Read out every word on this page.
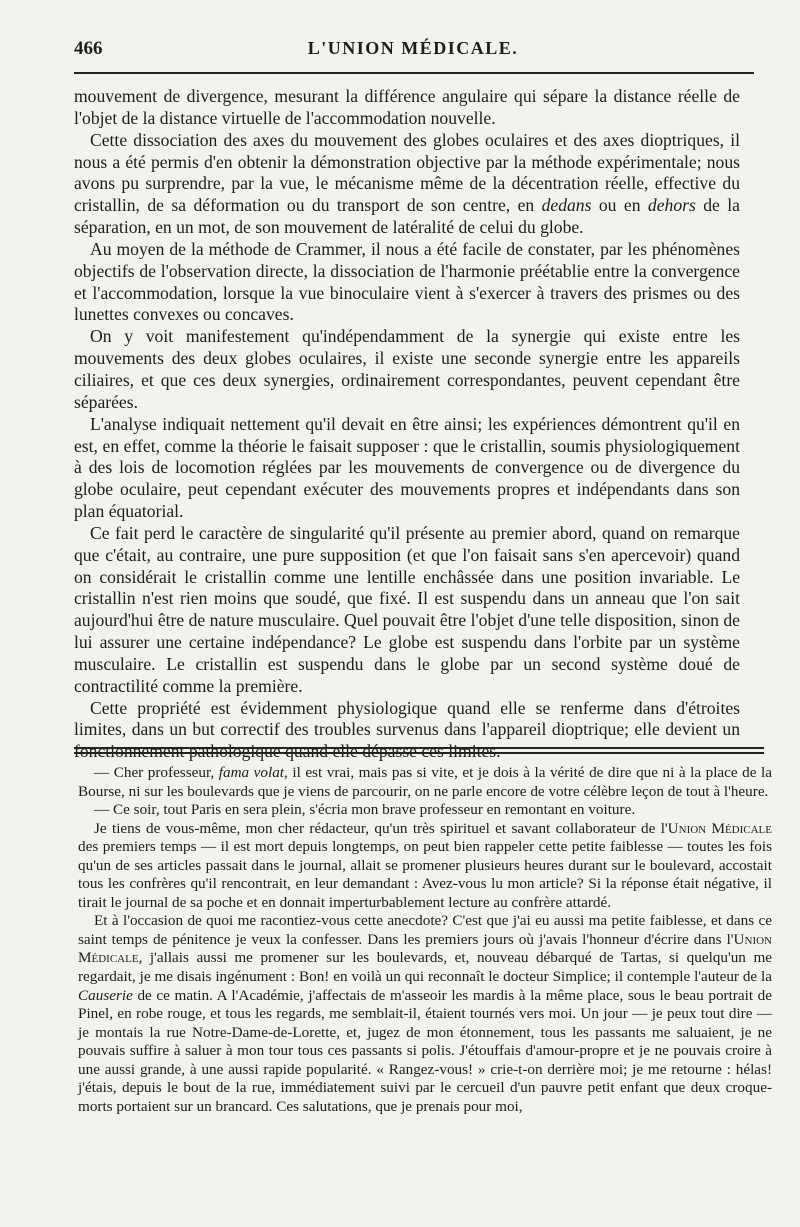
466	L'UNION MÉDICALE.

mouvement de divergence, mesurant la différence angulaire qui sépare la distance réelle de l'objet de la distance virtuelle de l'accommodation nouvelle.

Cette dissociation des axes du mouvement des globes oculaires et des axes dioptriques, il nous a été permis d'en obtenir la démonstration objective par la méthode expérimentale; nous avons pu surprendre, par la vue, le mécanisme même de la décentration réelle, effective du cristallin, de sa déformation ou du transport de son centre, en dedans ou en dehors de la séparation, en un mot, de son mouvement de latéralité de celui du globe.

Au moyen de la méthode de Crammer, il nous a été facile de constater, par les phénomènes objectifs de l'observation directe, la dissociation de l'harmonie préétablie entre la convergence et l'accommodation, lorsque la vue binoculaire vient à s'exercer à travers des prismes ou des lunettes convexes ou concaves.

On y voit manifestement qu'indépendamment de la synergie qui existe entre les mouvements des deux globes oculaires, il existe une seconde synergie entre les appareils ciliaires, et que ces deux synergies, ordinairement correspondantes, peuvent cependant être séparées.

L'analyse indiquait nettement qu'il devait en être ainsi; les expériences démontrent qu'il en est, en effet, comme la théorie le faisait supposer : que le cristallin, soumis physiologiquement à des lois de locomotion réglées par les mouvements de convergence ou de divergence du globe oculaire, peut cependant exécuter des mouvements propres et indépendants dans son plan équatorial.

Ce fait perd le caractère de singularité qu'il présente au premier abord, quand on remarque que c'était, au contraire, une pure supposition (et que l'on faisait sans s'en apercevoir) quand on considérait le cristallin comme une lentille enchâssée dans une position invariable. Le cristallin n'est rien moins que soudé, que fixé. Il est suspendu dans un anneau que l'on sait aujourd'hui être de nature musculaire. Quel pouvait être l'objet d'une telle disposition, sinon de lui assurer une certaine indépendance? Le globe est suspendu dans l'orbite par un système musculaire. Le cristallin est suspendu dans le globe par un second système doué de contractilité comme la première.

Cette propriété est évidemment physiologique quand elle se renferme dans d'étroites limites, dans un but correctif des troubles survenus dans l'appareil dioptrique; elle devient un fonctionnement pathologique quand elle dépasse ces limites.

— Cher professeur, fama volat, il est vrai, mais pas si vite, et je dois à la vérité de dire que ni à la place de la Bourse, ni sur les boulevards que je viens de parcourir, on ne parle encore de votre célèbre leçon de tout à l'heure.

— Ce soir, tout Paris en sera plein, s'écria mon brave professeur en remontant en voiture.

Je tiens de vous-même, mon cher rédacteur, qu'un très spirituel et savant collaborateur de l'Union Médicale des premiers temps — il est mort depuis longtemps, on peut bien rappeler cette petite faiblesse — toutes les fois qu'un de ses articles passait dans le journal, allait se promener plusieurs heures durant sur le boulevard, accostait tous les confrères qu'il rencontrait, en leur demandant : Avez-vous lu mon article? Si la réponse était négative, il tirait le journal de sa poche et en donnait imperturbablement lecture au confrère attardé.

Et à l'occasion de quoi me racontiez-vous cette anecdote? C'est que j'ai eu aussi ma petite faiblesse, et dans ce saint temps de pénitence je veux la confesser. Dans les premiers jours où j'avais l'honneur d'écrire dans l'Union Médicale, j'allais aussi me promener sur les boulevards, et, nouveau débarqué de Tartas, si quelqu'un me regardait, je me disais ingénument : Bon! en voilà un qui reconnaît le docteur Simplice; il contemple l'auteur de la Causerie de ce matin. A l'Académie, j'affectais de m'asseoir les mardis à la même place, sous le beau portrait de Pinel, en robe rouge, et tous les regards, me semblait-il, étaient tournés vers moi. Un jour — je peux tout dire — je montais la rue Notre-Dame-de-Lorette, et, jugez de mon étonnement, tous les passants me saluaient, je ne pouvais suffire à saluer à mon tour tous ces passants si polis. J'étouffais d'amour-propre et je ne pouvais croire à une aussi grande, à une aussi rapide popularité. « Rangez-vous! » crie-t-on derrière moi; je me retourne : hélas! j'étais, depuis le bout de la rue, immédiatement suivi par le cercueil d'un pauvre petit enfant que deux croque-morts portaient sur un brancard. Ces salutations, que je prenais pour moi,
